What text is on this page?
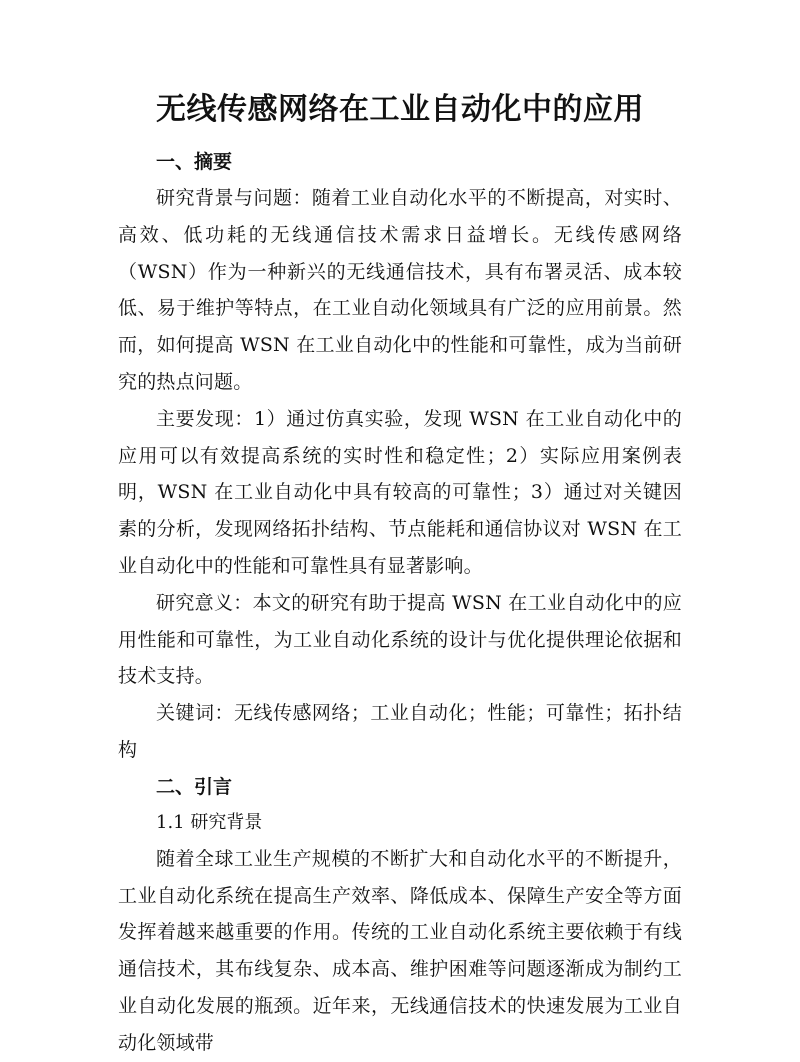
无线传感网络在工业自动化中的应用
一、摘要

研究背景与问题：随着工业自动化水平的不断提高，对实时、高效、低功耗的无线通信技术需求日益增长。无线传感网络（WSN）作为一种新兴的无线通信技术，具有布署灵活、成本较低、易于维护等特点，在工业自动化领域具有广泛的应用前景。然而，如何提高 WSN 在工业自动化中的性能和可靠性，成为当前研究的热点问题。

主要发现：1）通过仿真实验，发现 WSN 在工业自动化中的应用可以有效提高系统的实时性和稳定性；2）实际应用案例表明，WSN 在工业自动化中具有较高的可靠性；3）通过对关键因素的分析，发现网络拓扑结构、节点能耗和通信协议对 WSN 在工业自动化中的性能和可靠性具有显著影响。

研究意义：本文的研究有助于提高 WSN 在工业自动化中的应用性能和可靠性，为工业自动化系统的设计与优化提供理论依据和技术支持。

关键词：无线传感网络；工业自动化；性能；可靠性；拓扑结构

二、引言
1.1 研究背景

随着全球工业生产规模的不断扩大和自动化水平的不断提升，工业自动化系统在提高生产效率、降低成本、保障生产安全等方面发挥着越来越重要的作用。传统的工业自动化系统主要依赖于有线通信技术，其布线复杂、成本高、维护困难等问题逐渐成为制约工业自动化发展的瓶颈。近年来，无线通信技术的快速发展为工业自动化领域带
